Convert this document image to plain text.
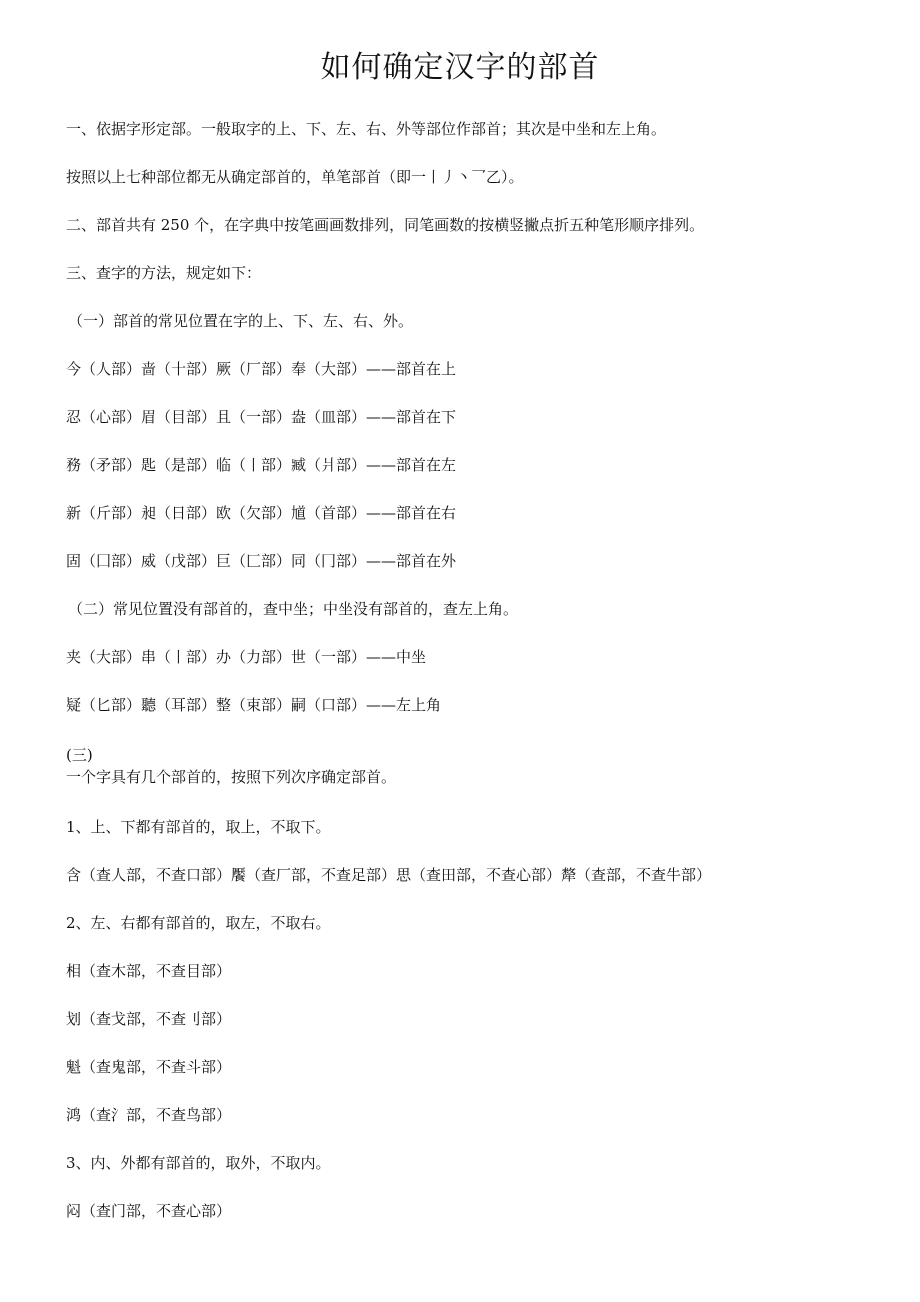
如何确定汉字的部首

一、依据字形定部。一般取字的上、下、左、右、外等部位作部首；其次是中坐和左上角。

按照以上七种部位都无从确定部首的，单笔部首（即一丨丿丶乛乙）。

二、部首共有 250 个，在字典中按笔画画数排列，同笔画数的按横竖撇点折五种笔形顺序排列。

三、查字的方法，规定如下：

（一）部首的常见位置在字的上、下、左、右、外。

今（人部）啬（十部）厥（厂部）奉（大部）——部首在上

忍（心部）眉（目部）且（一部）盎（皿部）——部首在下

務（矛部）匙（是部）临（丨部）臧（爿部）——部首在左

新（斤部）昶（日部）欧（欠部）馗（首部）——部首在右

固（囗部）威（戊部）巨（匚部）同（冂部）——部首在外

（二）常见位置没有部首的，查中坐；中坐没有部首的，查左上角。

夹（大部）串（丨部）办（力部）世（一部）——中坐

疑（匕部）聽（耳部）整（束部）嗣（口部）——左上角

(三)

一个字具有几个部首的，按照下列次序确定部首。

1、上、下都有部首的，取上，不取下。

含（查人部，不查口部）饜（查厂部，不查足部）思（查田部，不查心部）犛（查部，不查牛部）

2、左、右都有部首的，取左，不取右。

相（查木部，不查目部）

划（查戈部，不查刂部）

魁（查鬼部，不查斗部）

鸿（查氵部，不查鸟部）

3、内、外都有部首的，取外，不取内。

闷（查门部，不查心部）
